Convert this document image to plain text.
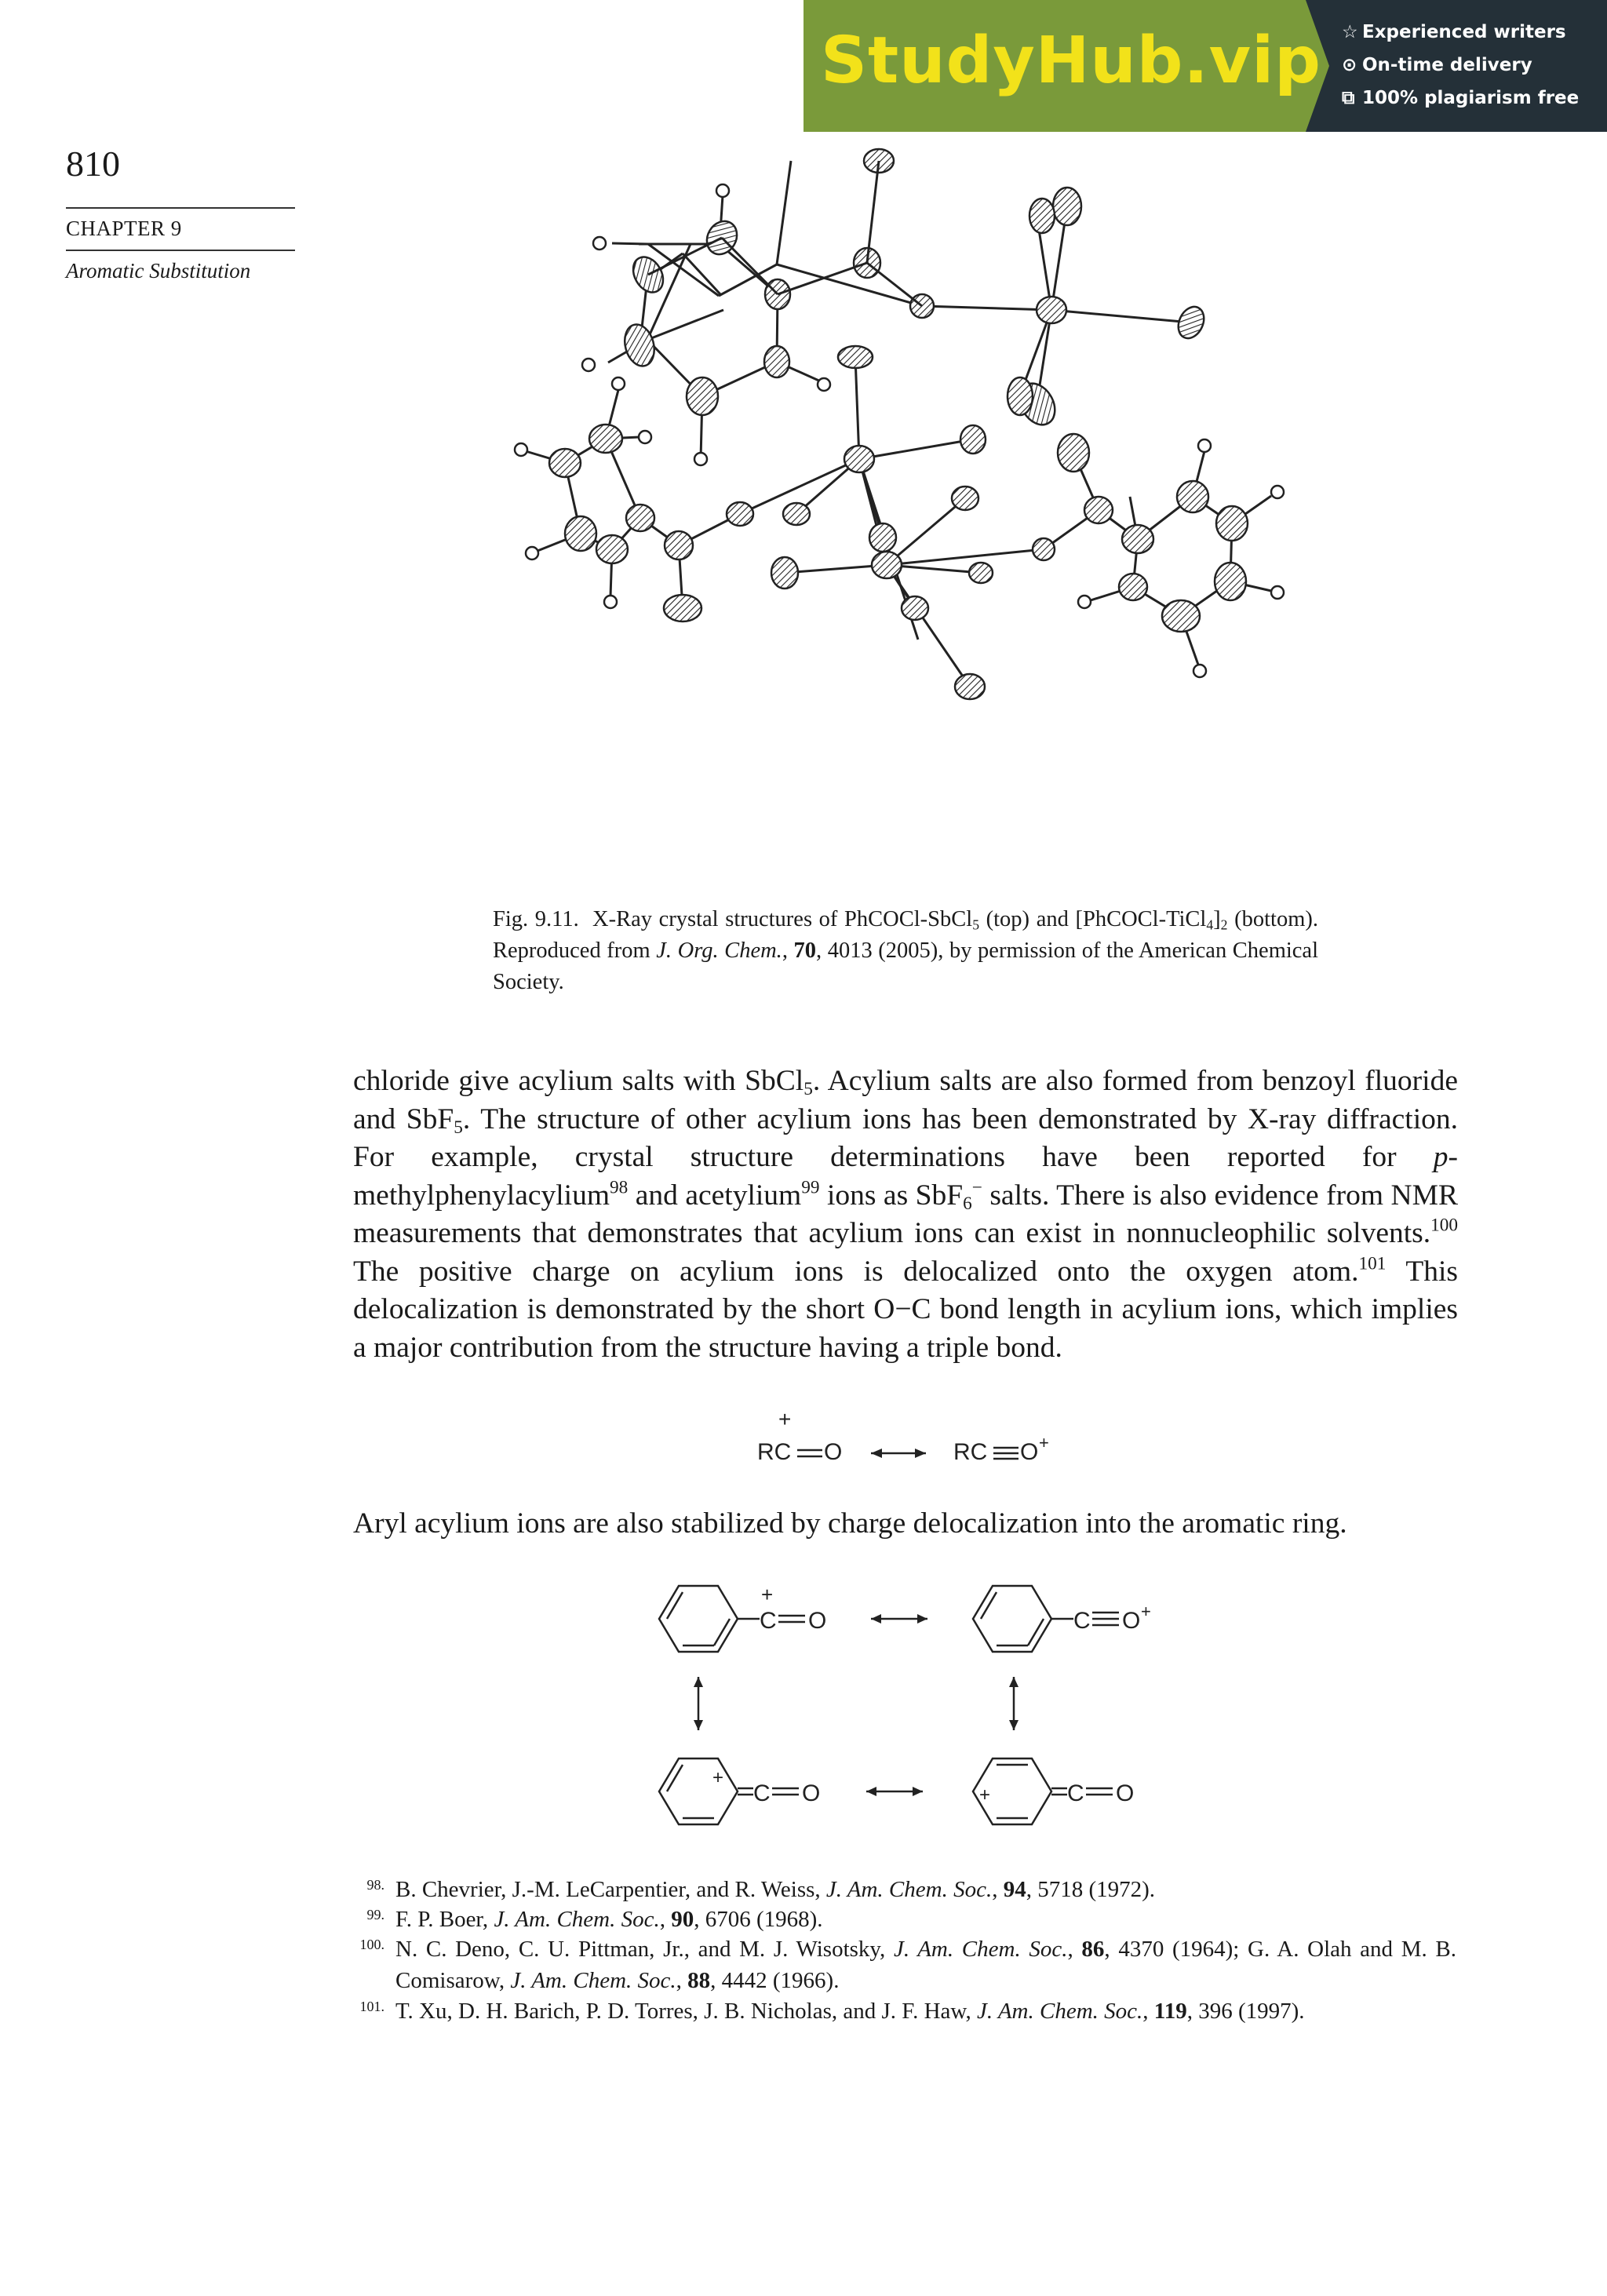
StudyHub.vip ☆ Experienced writers
⊙ On-time delivery
⧉ 100% plagiarism free
810
CHAPTER 9
Aromatic Substitution
Fig. 9.11. X-Ray crystal structures of PhCOCl-SbCl$_5$ (top) and $[PhCOCl-TiCl_4]_2$ (bottom). Reproduced from J. Org. Chem., 70, 4013 (2005), by permission of the American Chemical Society.
chloride give acylium salts with SbCl$_5$. Acylium salts are also formed from benzoyl fluoride and SbF$_5$. The structure of other acylium ions has been demonstrated by X-ray diffraction. For example, crystal structure determinations have been reported for p-methylphenylacylium$^{98}$ and acetylium$^{99}$ ions as SbF$_6$− salts. There is also evidence from NMR measurements that demonstrates that acylium ions can exist in nonnucleophilic solvents.$^{100}$ The positive charge on acylium ions is delocalized onto the oxygen atom.$^{101}$ This delocalization is demonstrated by the short O−C bond length in acylium ions, which implies a major contribution from the structure having a triple bond.
+
RC O	RC O +
Aryl acylium ions are also stabilized by charge delocalization into the aromatic ring.
C
+
O	C O +
C
+
O	C
+	O
98. B. Chevrier, J.-M. LeCarpentier, and R. Weiss, J. Am. Chem. Soc., 94, 5718 (1972).
99. F. P. Boer, J. Am. Chem. Soc., 90, 6706 (1968).
100. N. C. Deno, C. U. Pittman, Jr., and M. J. Wisotsky, J. Am. Chem. Soc., 86, 4370 (1964); G. A. Olah and M. B. Comisarow, J. Am. Chem. Soc., 88, 4442 (1966).
101. T. Xu, D. H. Barich, P. D. Torres, J. B. Nicholas, and J. F. Haw, J. Am. Chem. Soc., 119, 396 (1997).
